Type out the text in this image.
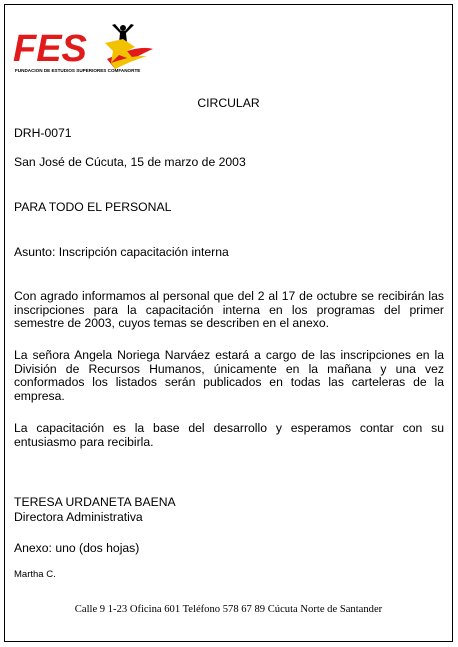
FES
FUNDACION DE ESTUDIOS SUPERIORES COMFANORTE
CIRCULAR
DRH-0071
San José de Cúcuta, 15 de marzo de 2003
PARA TODO EL PERSONAL
Asunto: Inscripción capacitación interna
Con agrado informamos al personal que del 2 al 17 de octubre se recibirán las inscripciones para la capacitación interna en los programas del primer semestre de 2003, cuyos temas se describen en el anexo.
La señora Angela Noriega Narváez estará a cargo de las inscripciones en la División de Recursos Humanos, únicamente en la mañana y una vez conformados los listados serán publicados en todas las carteleras de la empresa.
La capacitación es la base del desarrollo y esperamos contar con su entusiasmo para recibirla.
TERESA URDANETA BAENA
Directora Administrativa
Anexo: uno (dos hojas)
Martha C.
Calle 9 1-23 Oficina 601 Teléfono 578 67 89 Cúcuta Norte de Santander
